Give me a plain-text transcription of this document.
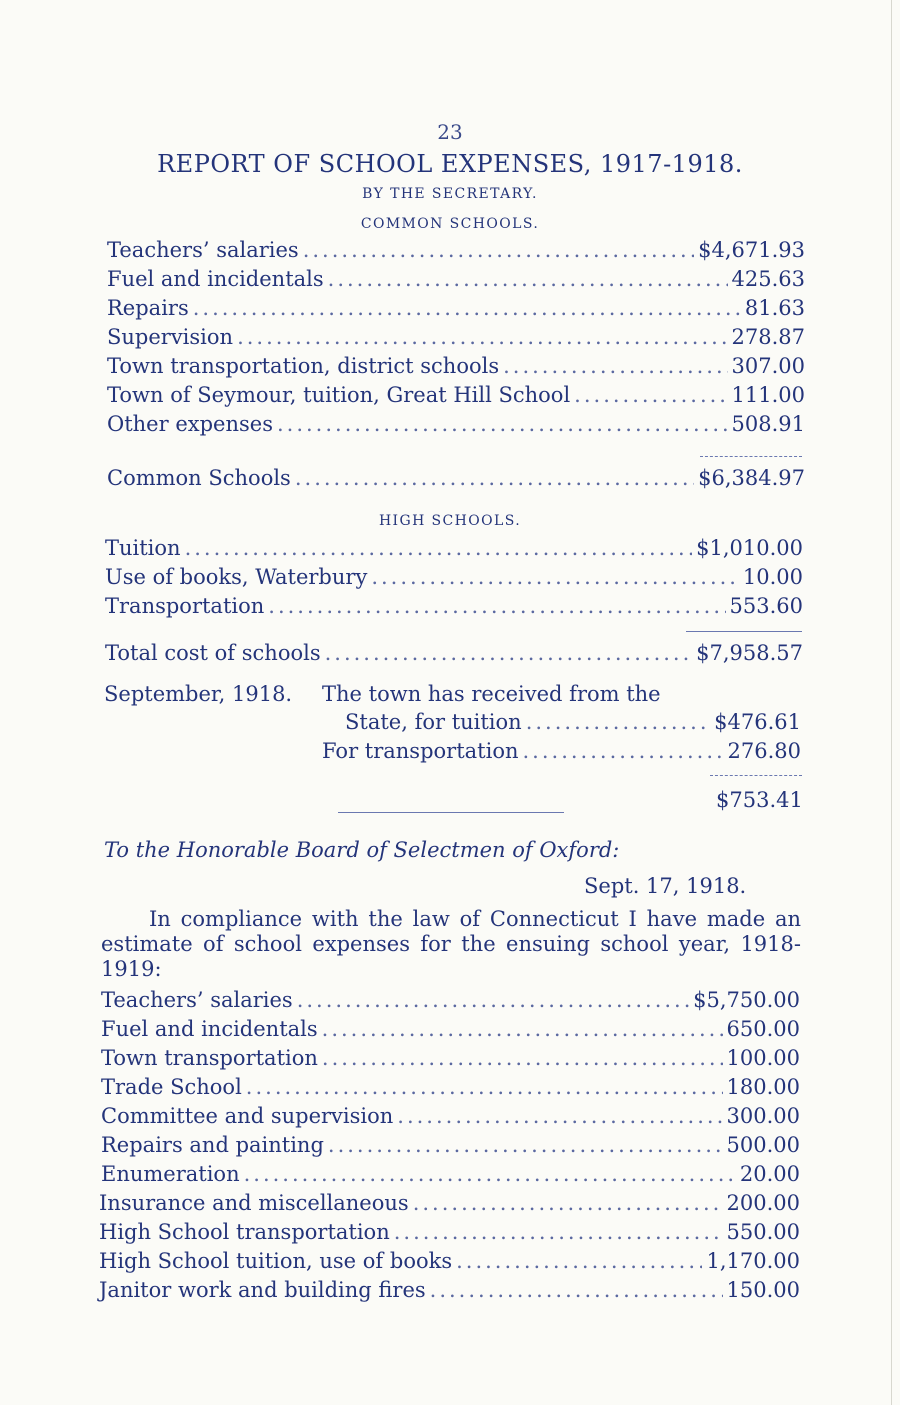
23
REPORT OF SCHOOL EXPENSES, 1917-1918.
BY THE SECRETARY.
COMMON SCHOOLS.
Teachers’ salaries .....	$4,671.93
Fuel and incidentals .....	425.63
Repairs .....	81.63
Supervision .....	278.87
Town transportation, district schools .....	307.00
Town of Seymour, tuition, Great Hill School .....	111.00
Other expenses .....	508.91
Common Schools .....	$6,384.97
HIGH SCHOOLS.
Tuition .....	$1,010.00
Use of books, Waterbury .....	10.00
Transportation .....	553.60
Total cost of schools .....	$7,958.57
September, 1918. The town has received from the
State, for tuition .....	$476.61
For transportation .....	276.80
$753.41
To the Honorable Board of Selectmen of Oxford:
Sept. 17, 1918.
In compliance with the law of Connecticut I have made an estimate of school expenses for the ensuing school year, 1918-1919:
Teachers’ salaries .....	$5,750.00
Fuel and incidentals .....	650.00
Town transportation .....	100.00
Trade School .....	180.00
Committee and supervision .....	300.00
Repairs and painting .....	500.00
Enumeration .....	20.00
Insurance and miscellaneous .....	200.00
High School transportation .....	550.00
High School tuition, use of books .....	1,170.00
Janitor work and building fires .....	150.00
